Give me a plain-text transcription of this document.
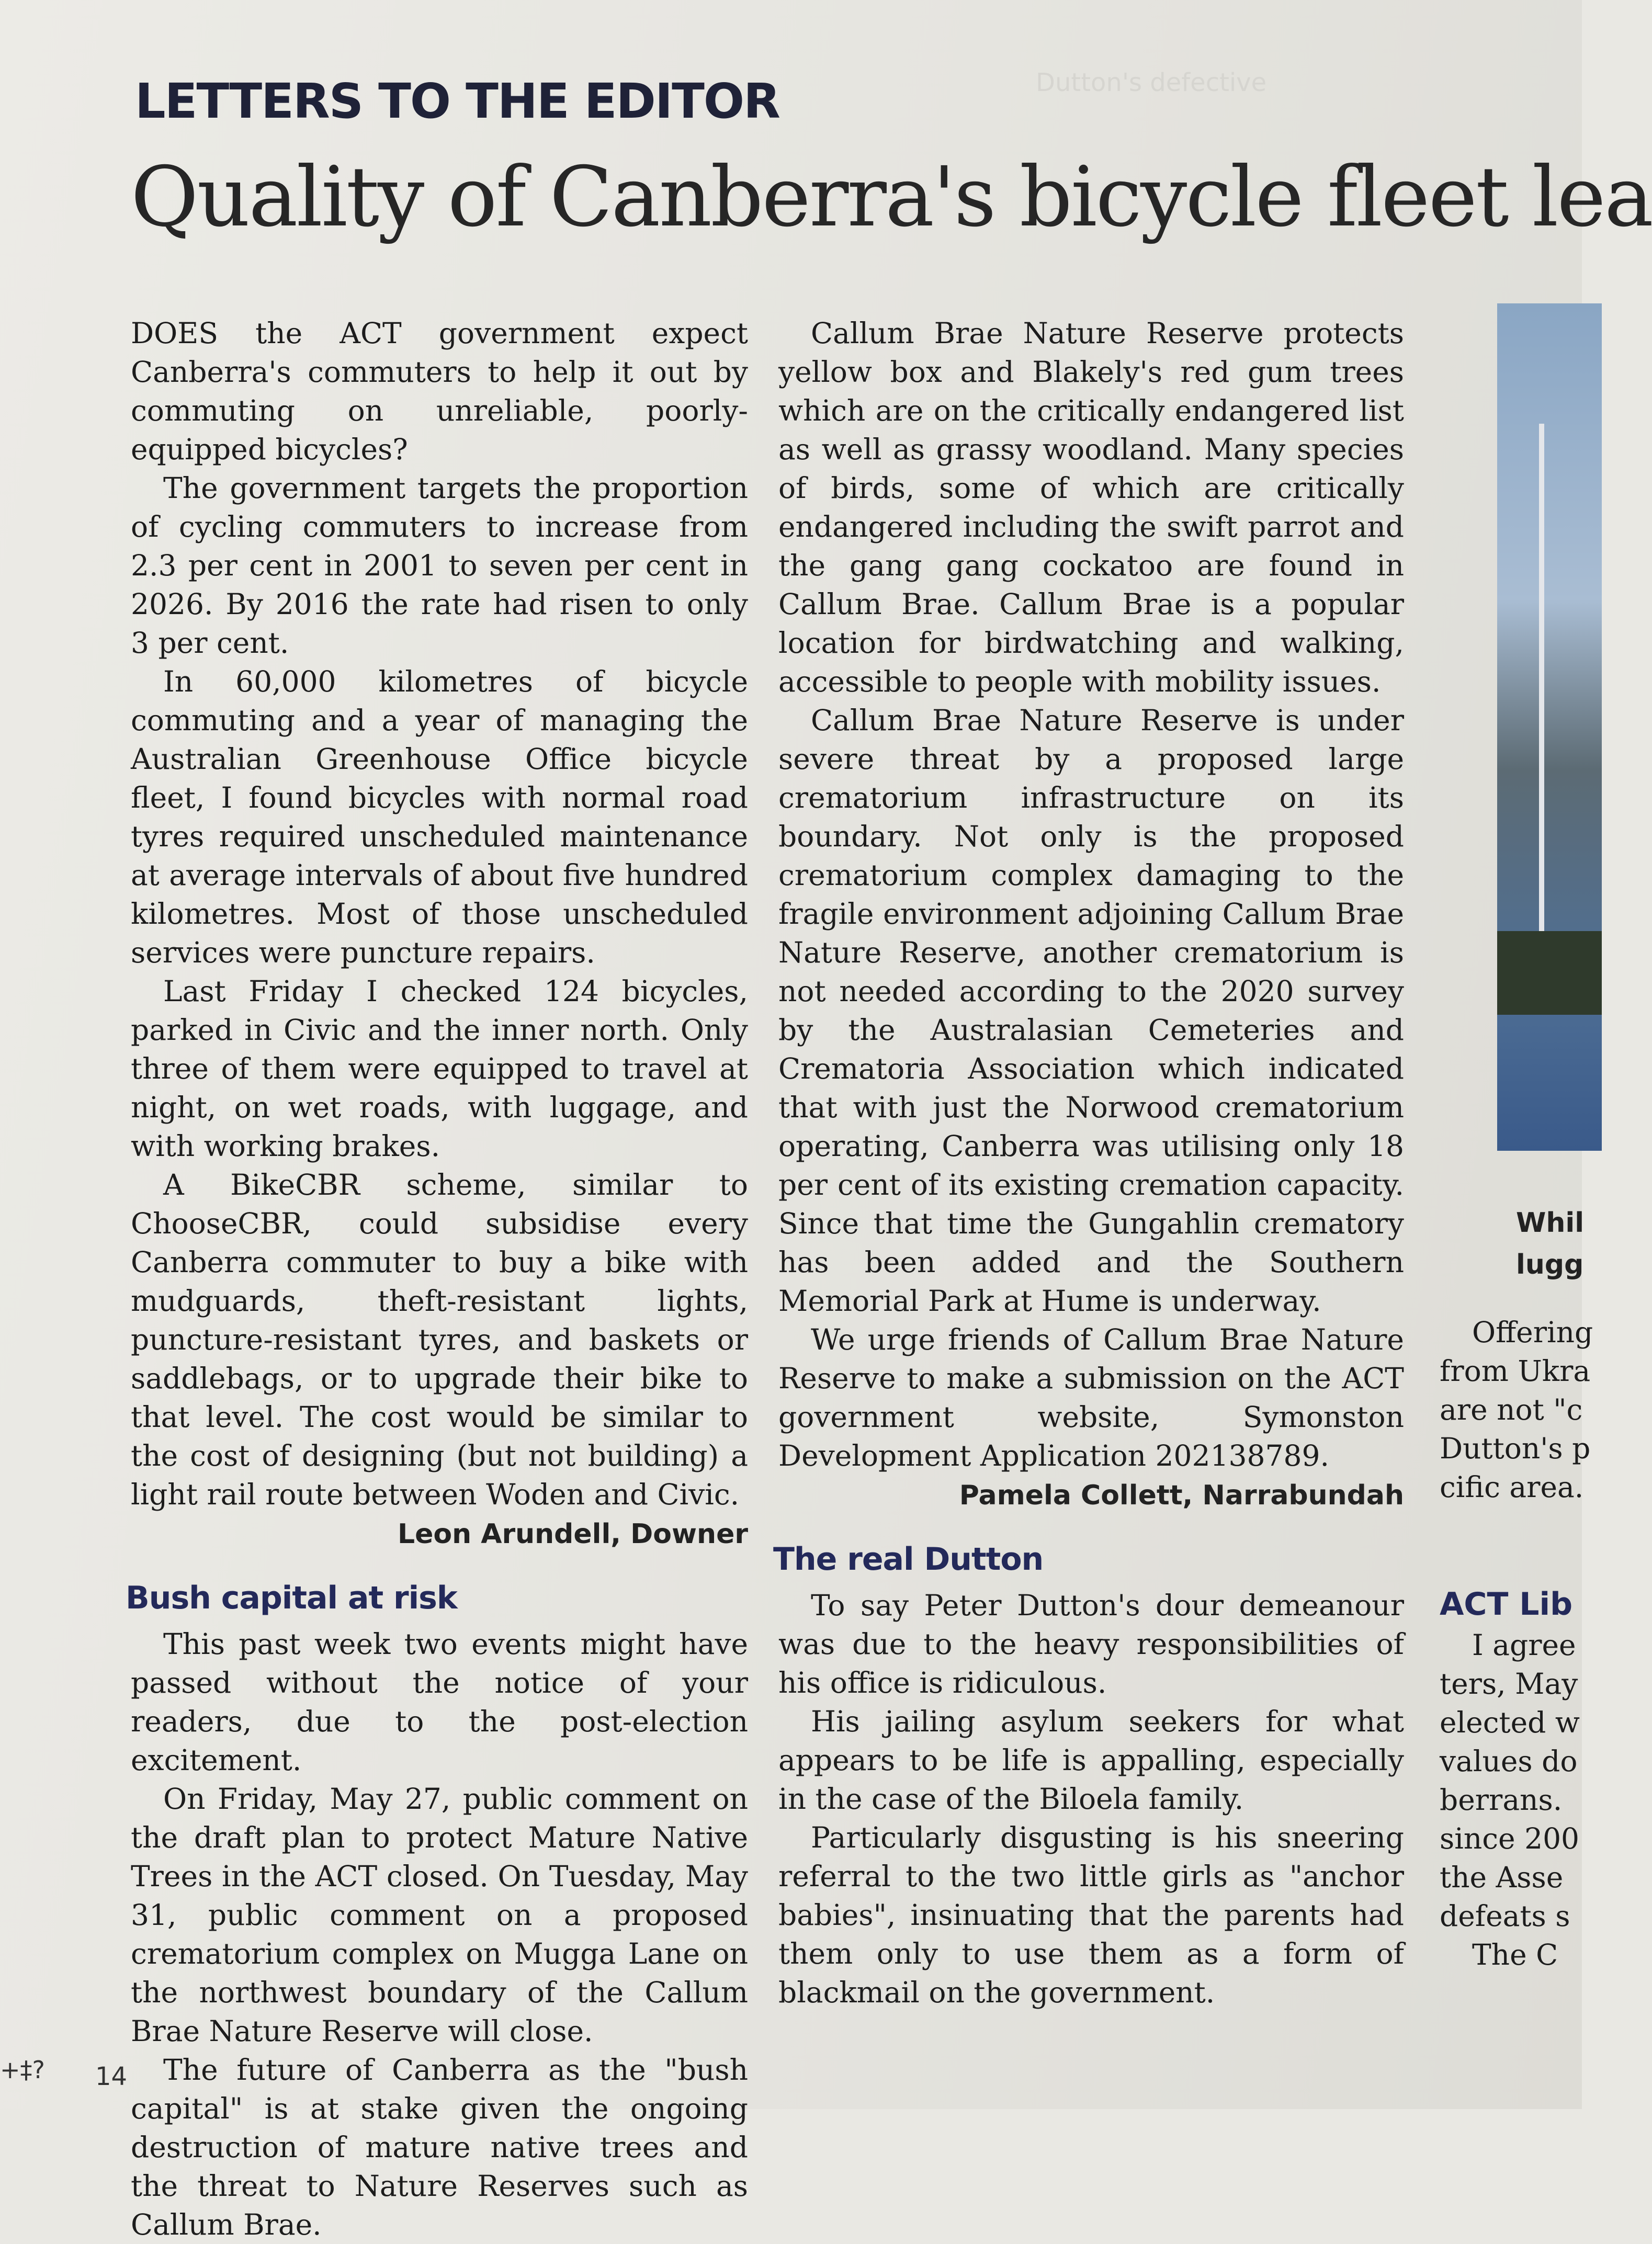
Dutton's defective
LETTERS TO THE EDITOR
Quality of Canberra's bicycle fleet lea

DOES the ACT government expect Canberra's commuters to help it out by commuting on unreliable, poorly-equipped bicycles?

The government targets the proportion of cycling commuters to increase from 2.3 per cent in 2001 to seven per cent in 2026. By 2016 the rate had risen to only 3 per cent.

In 60,000 kilometres of bicycle commuting and a year of managing the Australian Greenhouse Office bicycle fleet, I found bicycles with normal road tyres required unscheduled maintenance at average intervals of about five hundred kilometres. Most of those unscheduled services were puncture repairs.

Last Friday I checked 124 bicycles, parked in Civic and the inner north. Only three of them were equipped to travel at night, on wet roads, with luggage, and with working brakes.

A BikeCBR scheme, similar to ChooseCBR, could subsidise every Canberra commuter to buy a bike with mudguards, theft-resistant lights, puncture-resistant tyres, and baskets or saddlebags, or to upgrade their bike to that level. The cost would be similar to the cost of designing (but not building) a light rail route between Woden and Civic.

Leon Arundell, Downer
Bush capital at risk

This past week two events might have passed without the notice of your readers, due to the post-election excitement.

On Friday, May 27, public comment on the draft plan to protect Mature Native Trees in the ACT closed. On Tuesday, May 31, public comment on a proposed crematorium complex on Mugga Lane on the northwest boundary of the Callum Brae Nature Reserve will close.

The future of Canberra as the "bush capital" is at stake given the ongoing destruction of mature native trees and the threat to Nature Reserves such as Callum Brae.

Callum Brae Nature Reserve protects yellow box and Blakely's red gum trees which are on the critically endangered list as well as grassy woodland. Many species of birds, some of which are critically endangered including the swift parrot and the gang gang cockatoo are found in Callum Brae. Callum Brae is a popular location for birdwatching and walking, accessible to people with mobility issues.

Callum Brae Nature Reserve is under severe threat by a proposed large crematorium infrastructure on its boundary. Not only is the proposed crematorium complex damaging to the fragile environment adjoining Callum Brae Nature Reserve, another crematorium is not needed according to the 2020 survey by the Australasian Cemeteries and Crematoria Association which indicated that with just the Norwood crematorium operating, Canberra was utilising only 18 per cent of its existing cremation capacity. Since that time the Gungahlin crematory has been added and the Southern Memorial Park at Hume is underway.

We urge friends of Callum Brae Nature Reserve to make a submission on the ACT government website, Symonston Development Application 202138789.

Pamela Collett, Narrabundah
The real Dutton

To say Peter Dutton's dour demeanour was due to the heavy responsibilities of his office is ridiculous.

His jailing asylum seekers for what appears to be life is appalling, especially in the case of the Biloela family.

Particularly disgusting is his sneering referral to the two little girls as "anchor babies", insinuating that the parents had them only to use them as a form of blackmail on the government.

Whil
lugg

Offering

from Ukra

are not "c

Dutton's p

cific area.

ACT Lib

I agree

ters, May

elected w

values do

berrans.

since 200

the Asse

defeats s

The C

+‡? 14
